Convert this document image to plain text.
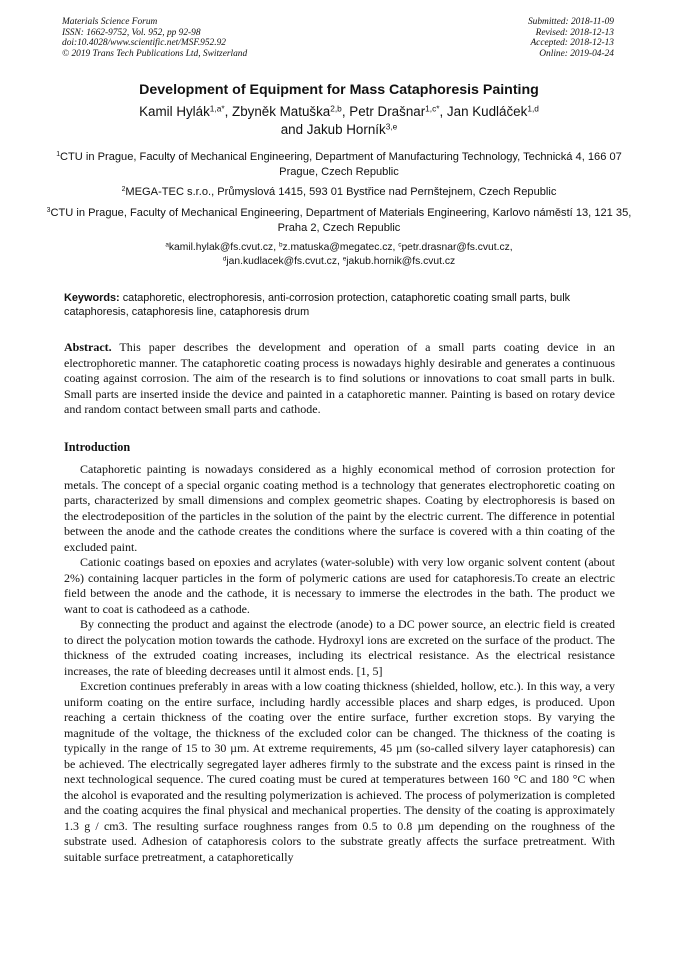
Materials Science Forum
ISSN: 1662-9752, Vol. 952, pp 92-98
doi:10.4028/www.scientific.net/MSF.952.92
© 2019 Trans Tech Publications Ltd, Switzerland
Submitted: 2018-11-09
Revised: 2018-12-13
Accepted: 2018-12-13
Online: 2019-04-24
Development of Equipment for Mass Cataphoresis Painting
Kamil Hylák$^{1,a*}$, Zbyněk Matuška$^{2,b}$, Petr Drašnar$^{1,c*}$, Jan Kudláček$^{1,d}$
and Jakub Horník$^{3,e}$
$^1$CTU in Prague, Faculty of Mechanical Engineering, Department of Manufacturing Technology, Technická 4, 166 07 Prague, Czech Republic
$^2$MEGA-TEC s.r.o., Průmyslová 1415, 593 01 Bystřice nad Pernštejnem, Czech Republic
$^3$CTU in Prague, Faculty of Mechanical Engineering, Department of Materials Engineering, Karlovo náměstí 13, 121 35, Praha 2, Czech Republic
$^a$kamil.hylak@fs.cvut.cz, $^b$z.matuska@megatec.cz, $^c$petr.drasnar@fs.cvut.cz,
$^d$jan.kudlacek@fs.cvut.cz, $^e$jakub.hornik@fs.cvut.cz
Keywords: cataphoretic, electrophoresis, anti-corrosion protection, cataphoretic coating small parts, bulk cataphoresis, cataphoresis line, cataphoresis drum

Abstract. This paper describes the development and operation of a small parts coating device in an electrophoretic manner. The cataphoretic coating process is nowadays highly desirable and generates a continuous coating against corrosion. The aim of the research is to find solutions or innovations to coat small parts in bulk. Small parts are inserted inside the device and painted in a cataphoretic manner. Painting is based on rotary device and random contact between small parts and cathode.

Introduction

Cataphoretic painting is nowadays considered as a highly economical method of corrosion protection for metals. The concept of a special organic coating method is a technology that generates electrophoretic coating on parts, characterized by small dimensions and complex geometric shapes. Coating by electrophoresis is based on the electrodeposition of the particles in the solution of the paint by the electric current. The difference in potential between the anode and the cathode creates the conditions where the surface is covered with a thin coating of the excluded paint.

Cationic coatings based on epoxies and acrylates (water-soluble) with very low organic solvent content (about 2%) containing lacquer particles in the form of polymeric cations are used for cataphoresis.To create an electric field between the anode and the cathode, it is necessary to immerse the electrodes in the bath. The product we want to coat is cathodeed as a cathode.

By connecting the product and against the electrode (anode) to a DC power source, an electric field is created to direct the polycation motion towards the cathode. Hydroxyl ions are excreted on the surface of the product. The thickness of the extruded coating increases, including its electrical resistance. As the electrical resistance increases, the rate of bleeding decreases until it almost ends. [1, 5]

Excretion continues preferably in areas with a low coating thickness (shielded, hollow, etc.). In this way, a very uniform coating on the entire surface, including hardly accessible places and sharp edges, is produced. Upon reaching a certain thickness of the coating over the entire surface, further excretion stops. By varying the magnitude of the voltage, the thickness of the excluded color can be changed. The thickness of the coating is typically in the range of 15 to 30 µm. At extreme requirements, 45 µm (so-called silvery layer cataphoresis) can be achieved. The electrically segregated layer adheres firmly to the substrate and the excess paint is rinsed in the next technological sequence. The cured coating must be cured at temperatures between 160 °C and 180 °C when the alcohol is evaporated and the resulting polymerization is achieved. The process of polymerization is completed and the coating acquires the final physical and mechanical properties. The density of the coating is approximately 1.3 g / cm3. The resulting surface roughness ranges from 0.5 to 0.8 µm depending on the roughness of the substrate used. Adhesion of cataphoresis colors to the substrate greatly affects the surface pretreatment. With suitable surface pretreatment, a cataphoretically
